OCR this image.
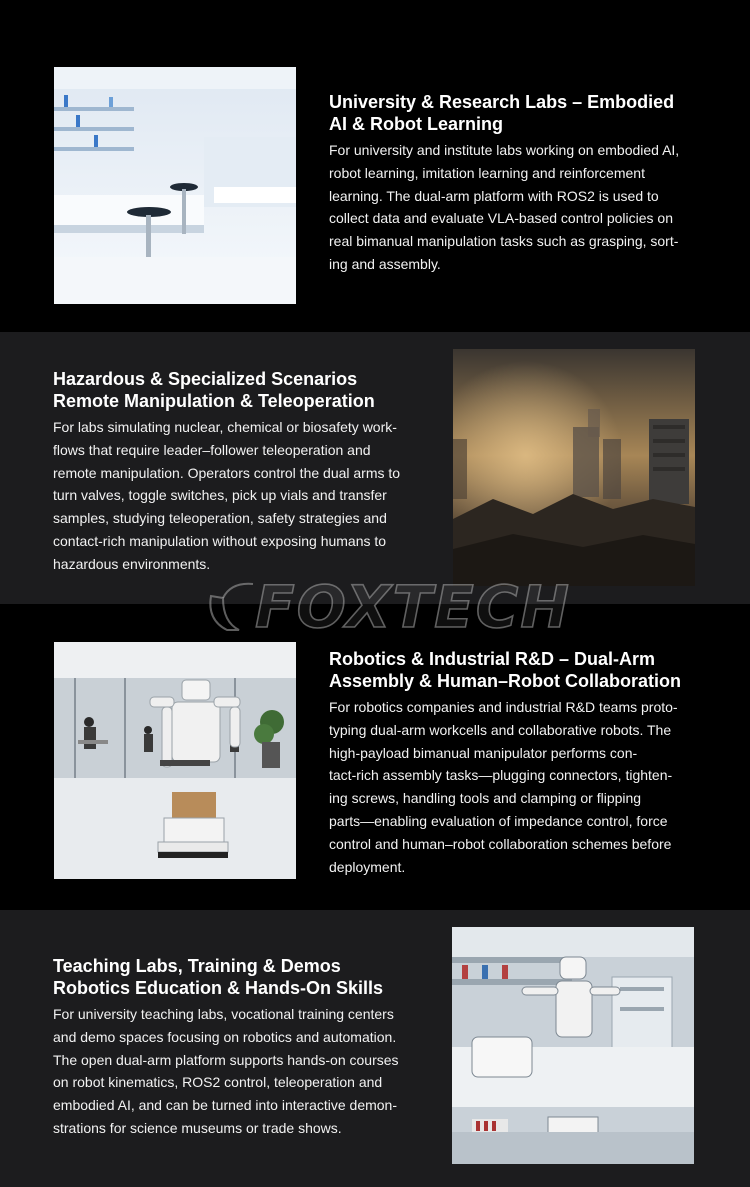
University & Research Labs – Embodied
AI & Robot Learning

For university and institute labs working on embodied AI,
robot learning, imitation learning and reinforcement
learning. The dual-arm platform with ROS2 is used to
collect data and evaluate VLA-based control policies on
real bimanual manipulation tasks such as grasping, sort-
ing and assembly.

Hazardous & Specialized Scenarios
Remote Manipulation & Teleoperation

For labs simulating nuclear, chemical or biosafety work-
flows that require leader–follower teleoperation and
remote manipulation. Operators control the dual arms to
turn valves, toggle switches, pick up vials and transfer
samples, studying teleoperation, safety strategies and
contact-rich manipulation without exposing humans to
hazardous environments.

Robotics & Industrial R&D – Dual-Arm
Assembly & Human–Robot Collaboration

For robotics companies and industrial R&D teams proto-
typing dual-arm workcells and collaborative robots. The
high-payload bimanual manipulator performs con-
tact-rich assembly tasks—plugging connectors, tighten-
ing screws, handling tools and clamping or flipping
parts—enabling evaluation of impedance control, force
control and human–robot collaboration schemes before
deployment.

Teaching Labs, Training & Demos
Robotics Education & Hands-On Skills

For university teaching labs, vocational training centers
and demo spaces focusing on robotics and automation.
The open dual-arm platform supports hands-on courses
on robot kinematics, ROS2 control, teleoperation and
embodied AI, and can be turned into interactive demon-
strations for science museums or trade shows.
